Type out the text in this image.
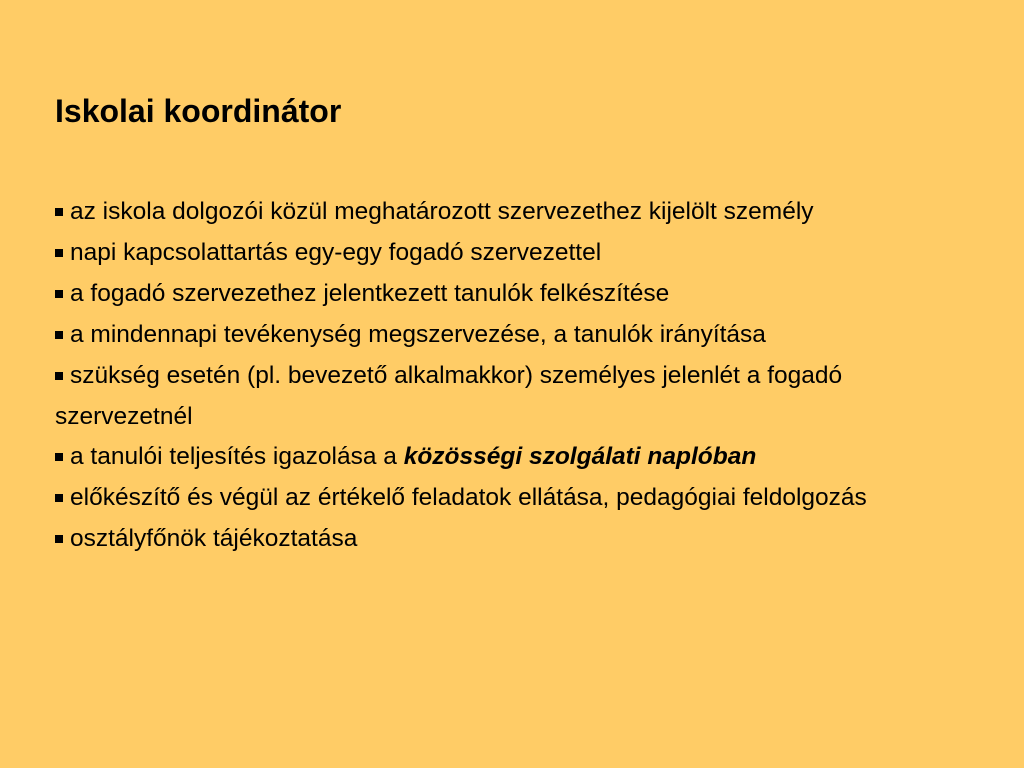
Iskolai koordinátor
az iskola dolgozói közül meghatározott szervezethez kijelölt személy
napi kapcsolattartás egy-egy fogadó szervezettel
a fogadó szervezethez jelentkezett tanulók felkészítése
a mindennapi tevékenység megszervezése, a tanulók irányítása
szükség esetén (pl. bevezető alkalmakkor) személyes jelenlét a fogadó szervezetnél
a tanulói teljesítés igazolása a közösségi szolgálati naplóban
előkészítő és végül az értékelő feladatok ellátása, pedagógiai feldolgozás
osztályfőnök tájékoztatása
